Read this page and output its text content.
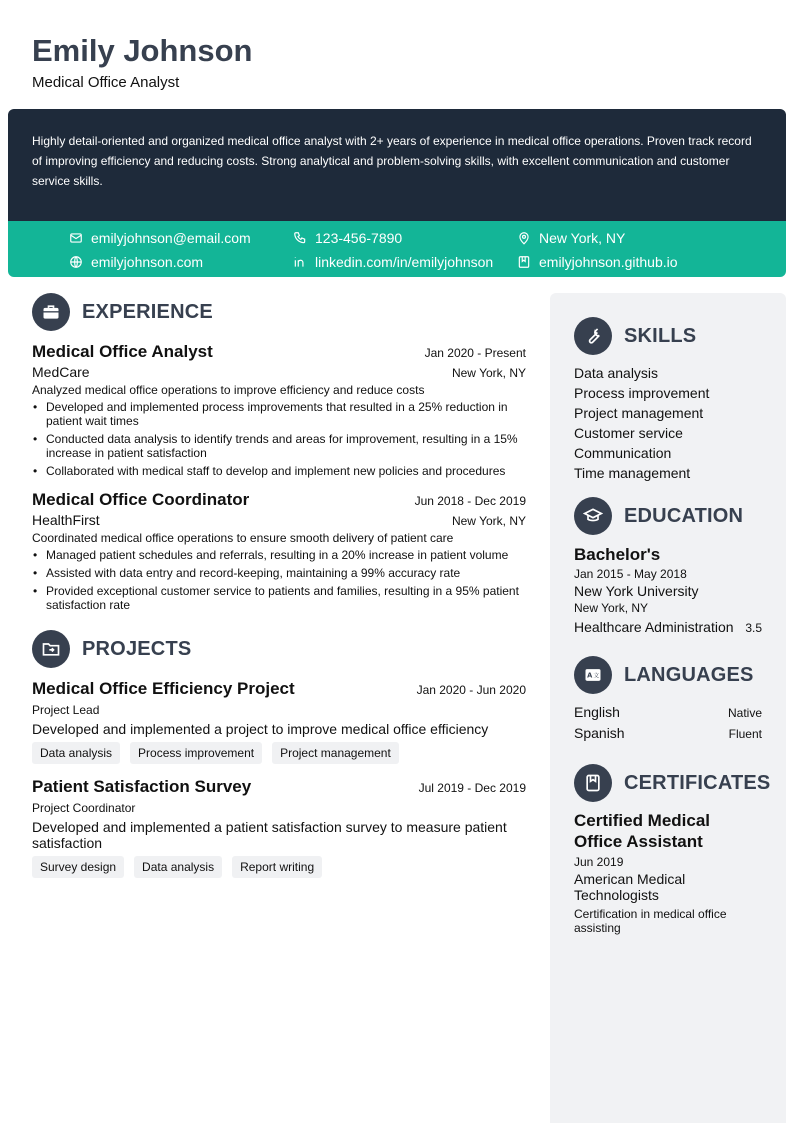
Emily Johnson
Medical Office Analyst

Highly detail-oriented and organized medical office analyst with 2+ years of experience in medical office operations. Proven track record of improving efficiency and reducing costs. Strong analytical and problem-solving skills, with excellent communication and customer service skills.

emilyjohnson@email.com	123-456-7890	New York, NY
emilyjohnson.com	linkedin.com/in/emilyjohnson	emilyjohnson.github.io
EXPERIENCE
Medical Office Analyst	Jan 2020 - Present
MedCare	New York, NY
Analyzed medical office operations to improve efficiency and reduce costs
• Developed and implemented process improvements that resulted in a 25% reduction in patient wait times
• Conducted data analysis to identify trends and areas for improvement, resulting in a 15% increase in patient satisfaction
• Collaborated with medical staff to develop and implement new policies and procedures
Medical Office Coordinator	Jun 2018 - Dec 2019
HealthFirst	New York, NY
Coordinated medical office operations to ensure smooth delivery of patient care
• Managed patient schedules and referrals, resulting in a 20% increase in patient volume
• Assisted with data entry and record-keeping, maintaining a 99% accuracy rate
• Provided exceptional customer service to patients and families, resulting in a 95% patient satisfaction rate
PROJECTS
Medical Office Efficiency Project	Jan 2020 - Jun 2020
Project Lead
Developed and implemented a project to improve medical office efficiency
Data analysis	Process improvement	Project management
Patient Satisfaction Survey	Jul 2019 - Dec 2019
Project Coordinator
Developed and implemented a patient satisfaction survey to measure patient satisfaction
Survey design	Data analysis	Report writing
SKILLS
Data analysis
Process improvement
Project management
Customer service
Communication
Time management
EDUCATION
Bachelor's
Jan 2015 - May 2018
New York University
New York, NY
Healthcare Administration 3.5
A 文 LANGUAGES
English	Native
Spanish	Fluent
CERTIFICATES
Certified Medical Office Assistant
Jun 2019
American Medical Technologists
Certification in medical office assisting
